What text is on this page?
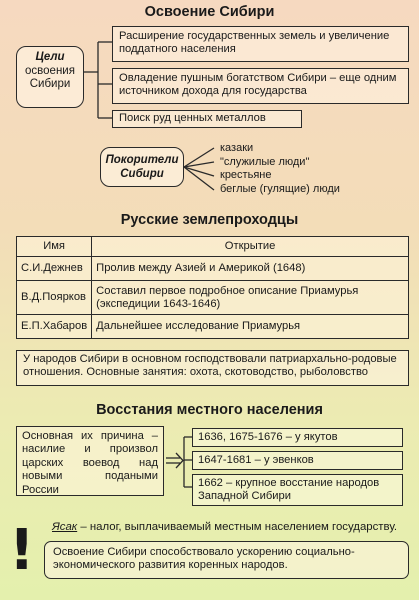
Освоение Сибири
Цели
освоения
Сибири
Расширение государственных земель и увеличение поддатного населения
Овладение пушным богатством Сибири – еще одним источником дохода для государства
Поиск руд ценных металлов
Покорители
Сибири
казаки
"служилые люди"
крестьяне
беглые (гулящие) люди
Русские землепроходцы
Имя	Открытие
С.И.Дежнев	Пролив между Азией и Америкой (1648)
В.Д.Поярков	Составил первое подробное описание Приамурья (экспедиции 1643-1646)
Е.П.Хабаров	Дальнейшее исследование Приамурья
У народов Сибири в основном господствовали патриархально-родовые отношения. Основные занятия: охота, скотоводство, рыболовство
Восстания местного населения
Основная их причина – насилие и произвол царских воевод над новыми подаными России
1636, 1675-1676 – у якутов
1647-1681 – у эвенков
1662 – крупное восстание народов Западной Сибири
Ясак – налог, выплачиваемый местным населением государству.
!	Освоение Сибири способствовало ускорению социально-экономического развития коренных народов.
